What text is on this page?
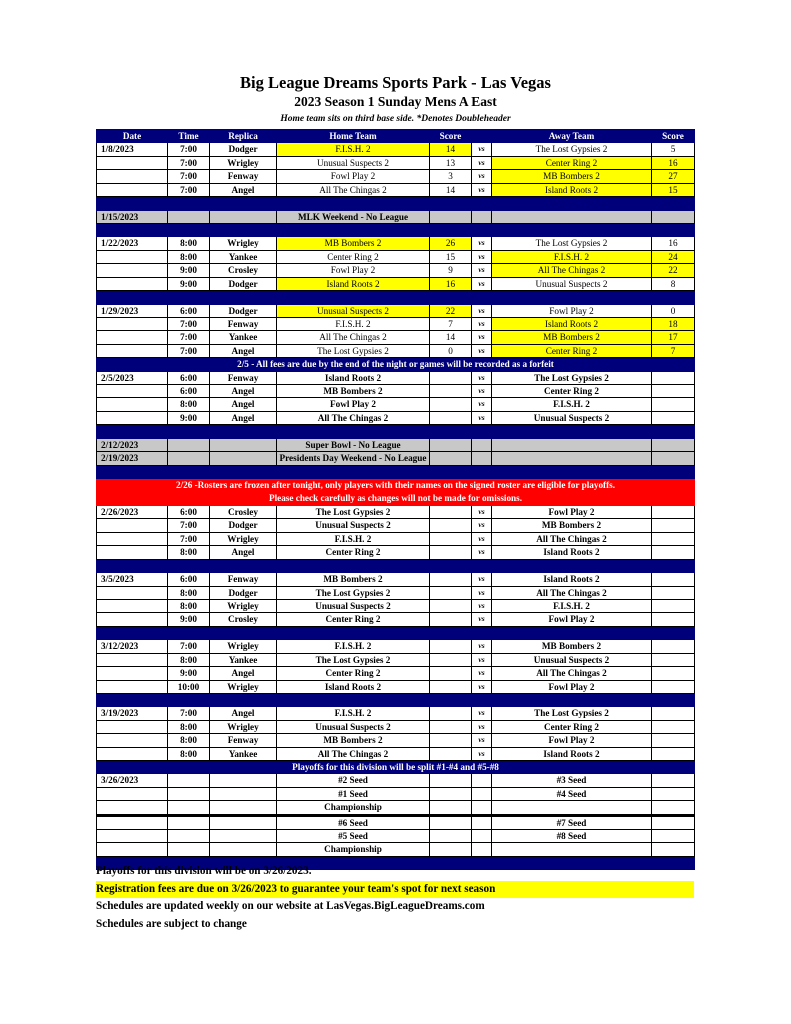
Big League Dreams Sports Park - Las Vegas
2023 Season 1 Sunday Mens A East
Home team sits on third base side. *Denotes Doubleheader
Date	Time	Replica	Home Team	Score		Away Team	Score
1/8/2023	7:00	Dodger	F.I.S.H. 2	14	vs	The Lost Gypsies 2	5
	7:00	Wrigley	Unusual Suspects 2	13	vs	Center Ring 2	16
	7:00	Fenway	Fowl Play 2	3	vs	MB Bombers 2	27
	7:00	Angel	All The Chingas 2	14	vs	Island Roots 2	15

1/15/2023			MLK Weekend - No League				

1/22/2023	8:00	Wrigley	MB Bombers 2	26	vs	The Lost Gypsies 2	16
	8:00	Yankee	Center Ring 2	15	vs	F.I.S.H. 2	24
	9:00	Crosley	Fowl Play 2	9	vs	All The Chingas 2	22
	9:00	Dodger	Island Roots 2	16	vs	Unusual Suspects 2	8

1/29/2023	6:00	Dodger	Unusual Suspects 2	22	vs	Fowl Play 2	0
	7:00	Fenway	F.I.S.H. 2	7	vs	Island Roots 2	18
	7:00	Yankee	All The Chingas 2	14	vs	MB Bombers 2	17
	7:00	Angel	The Lost Gypsies 2	0	vs	Center Ring 2	7
2/5 - All fees are due by the end of the night or games will be recorded as a forfeit							
2/5/2023	6:00	Fenway	Island Roots 2		vs	The Lost Gypsies 2	
	6:00	Angel	MB Bombers 2		vs	Center Ring 2	
	8:00	Angel	Fowl Play 2		vs	F.I.S.H. 2	
	9:00	Angel	All The Chingas 2		vs	Unusual Suspects 2	

2/12/2023			Super Bowl - No League				
2/19/2023			Presidents Day Weekend - No League				

2/26 -Rosters are frozen after tonight, only players with their names on the signed roster are eligible for playoffs.
Please check carefully as changes will not be made for omissions.							

2/26/2023	6:00	Crosley	The Lost Gypsies 2		vs	Fowl Play 2	
	7:00	Dodger	Unusual Suspects 2		vs	MB Bombers 2	
	7:00	Wrigley	F.I.S.H. 2		vs	All The Chingas 2	
	8:00	Angel	Center Ring 2		vs	Island Roots 2	

3/5/2023	6:00	Fenway	MB Bombers 2		vs	Island Roots 2	
	8:00	Dodger	The Lost Gypsies 2		vs	All The Chingas 2	
	8:00	Wrigley	Unusual Suspects 2		vs	F.I.S.H. 2	
	9:00	Crosley	Center Ring 2		vs	Fowl Play 2	

3/12/2023	7:00	Wrigley	F.I.S.H. 2		vs	MB Bombers 2	
	8:00	Yankee	The Lost Gypsies 2		vs	Unusual Suspects 2	
	9:00	Angel	Center Ring 2		vs	All The Chingas 2	
	10:00	Wrigley	Island Roots 2		vs	Fowl Play 2	

3/19/2023	7:00	Angel	F.I.S.H. 2		vs	The Lost Gypsies 2	
	8:00	Wrigley	Unusual Suspects 2		vs	Center Ring 2	
	8:00	Fenway	MB Bombers 2		vs	Fowl Play 2	
	8:00	Yankee	All The Chingas 2		vs	Island Roots 2	
Playoffs for this division will be split #1-#4 and #5-#8							
3/26/2023			#2 Seed			#3 Seed	
			#1 Seed			#4 Seed	
			Championship				
			#6 Seed			#7 Seed	
			#5 Seed			#8 Seed	
			Championship				

Playoffs for this division will be on 3/26/2023.
Registration fees are due on 3/26/2023 to guarantee your team's spot for next season
Schedules are updated weekly on our website at LasVegas.BigLeagueDreams.com
Schedules are subject to change
